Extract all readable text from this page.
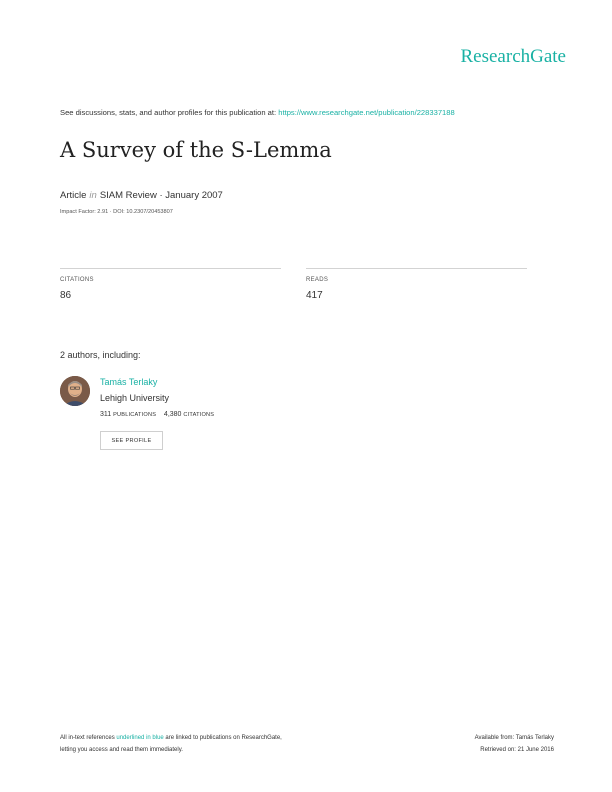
ResearchGate
See discussions, stats, and author profiles for this publication at: https://www.researchgate.net/publication/228337188
A Survey of the S-Lemma
Article in SIAM Review · January 2007
Impact Factor: 2.91 · DOI: 10.2307/20453807
CITATIONS
86
READS
417
2 authors, including:
Tamás Terlaky
Lehigh University
311 PUBLICATIONS 4,380 CITATIONS
SEE PROFILE
All in-text references underlined in blue are linked to publications on ResearchGate,
letting you access and read them immediately.
Available from: Tamás Terlaky
Retrieved on: 21 June 2016
